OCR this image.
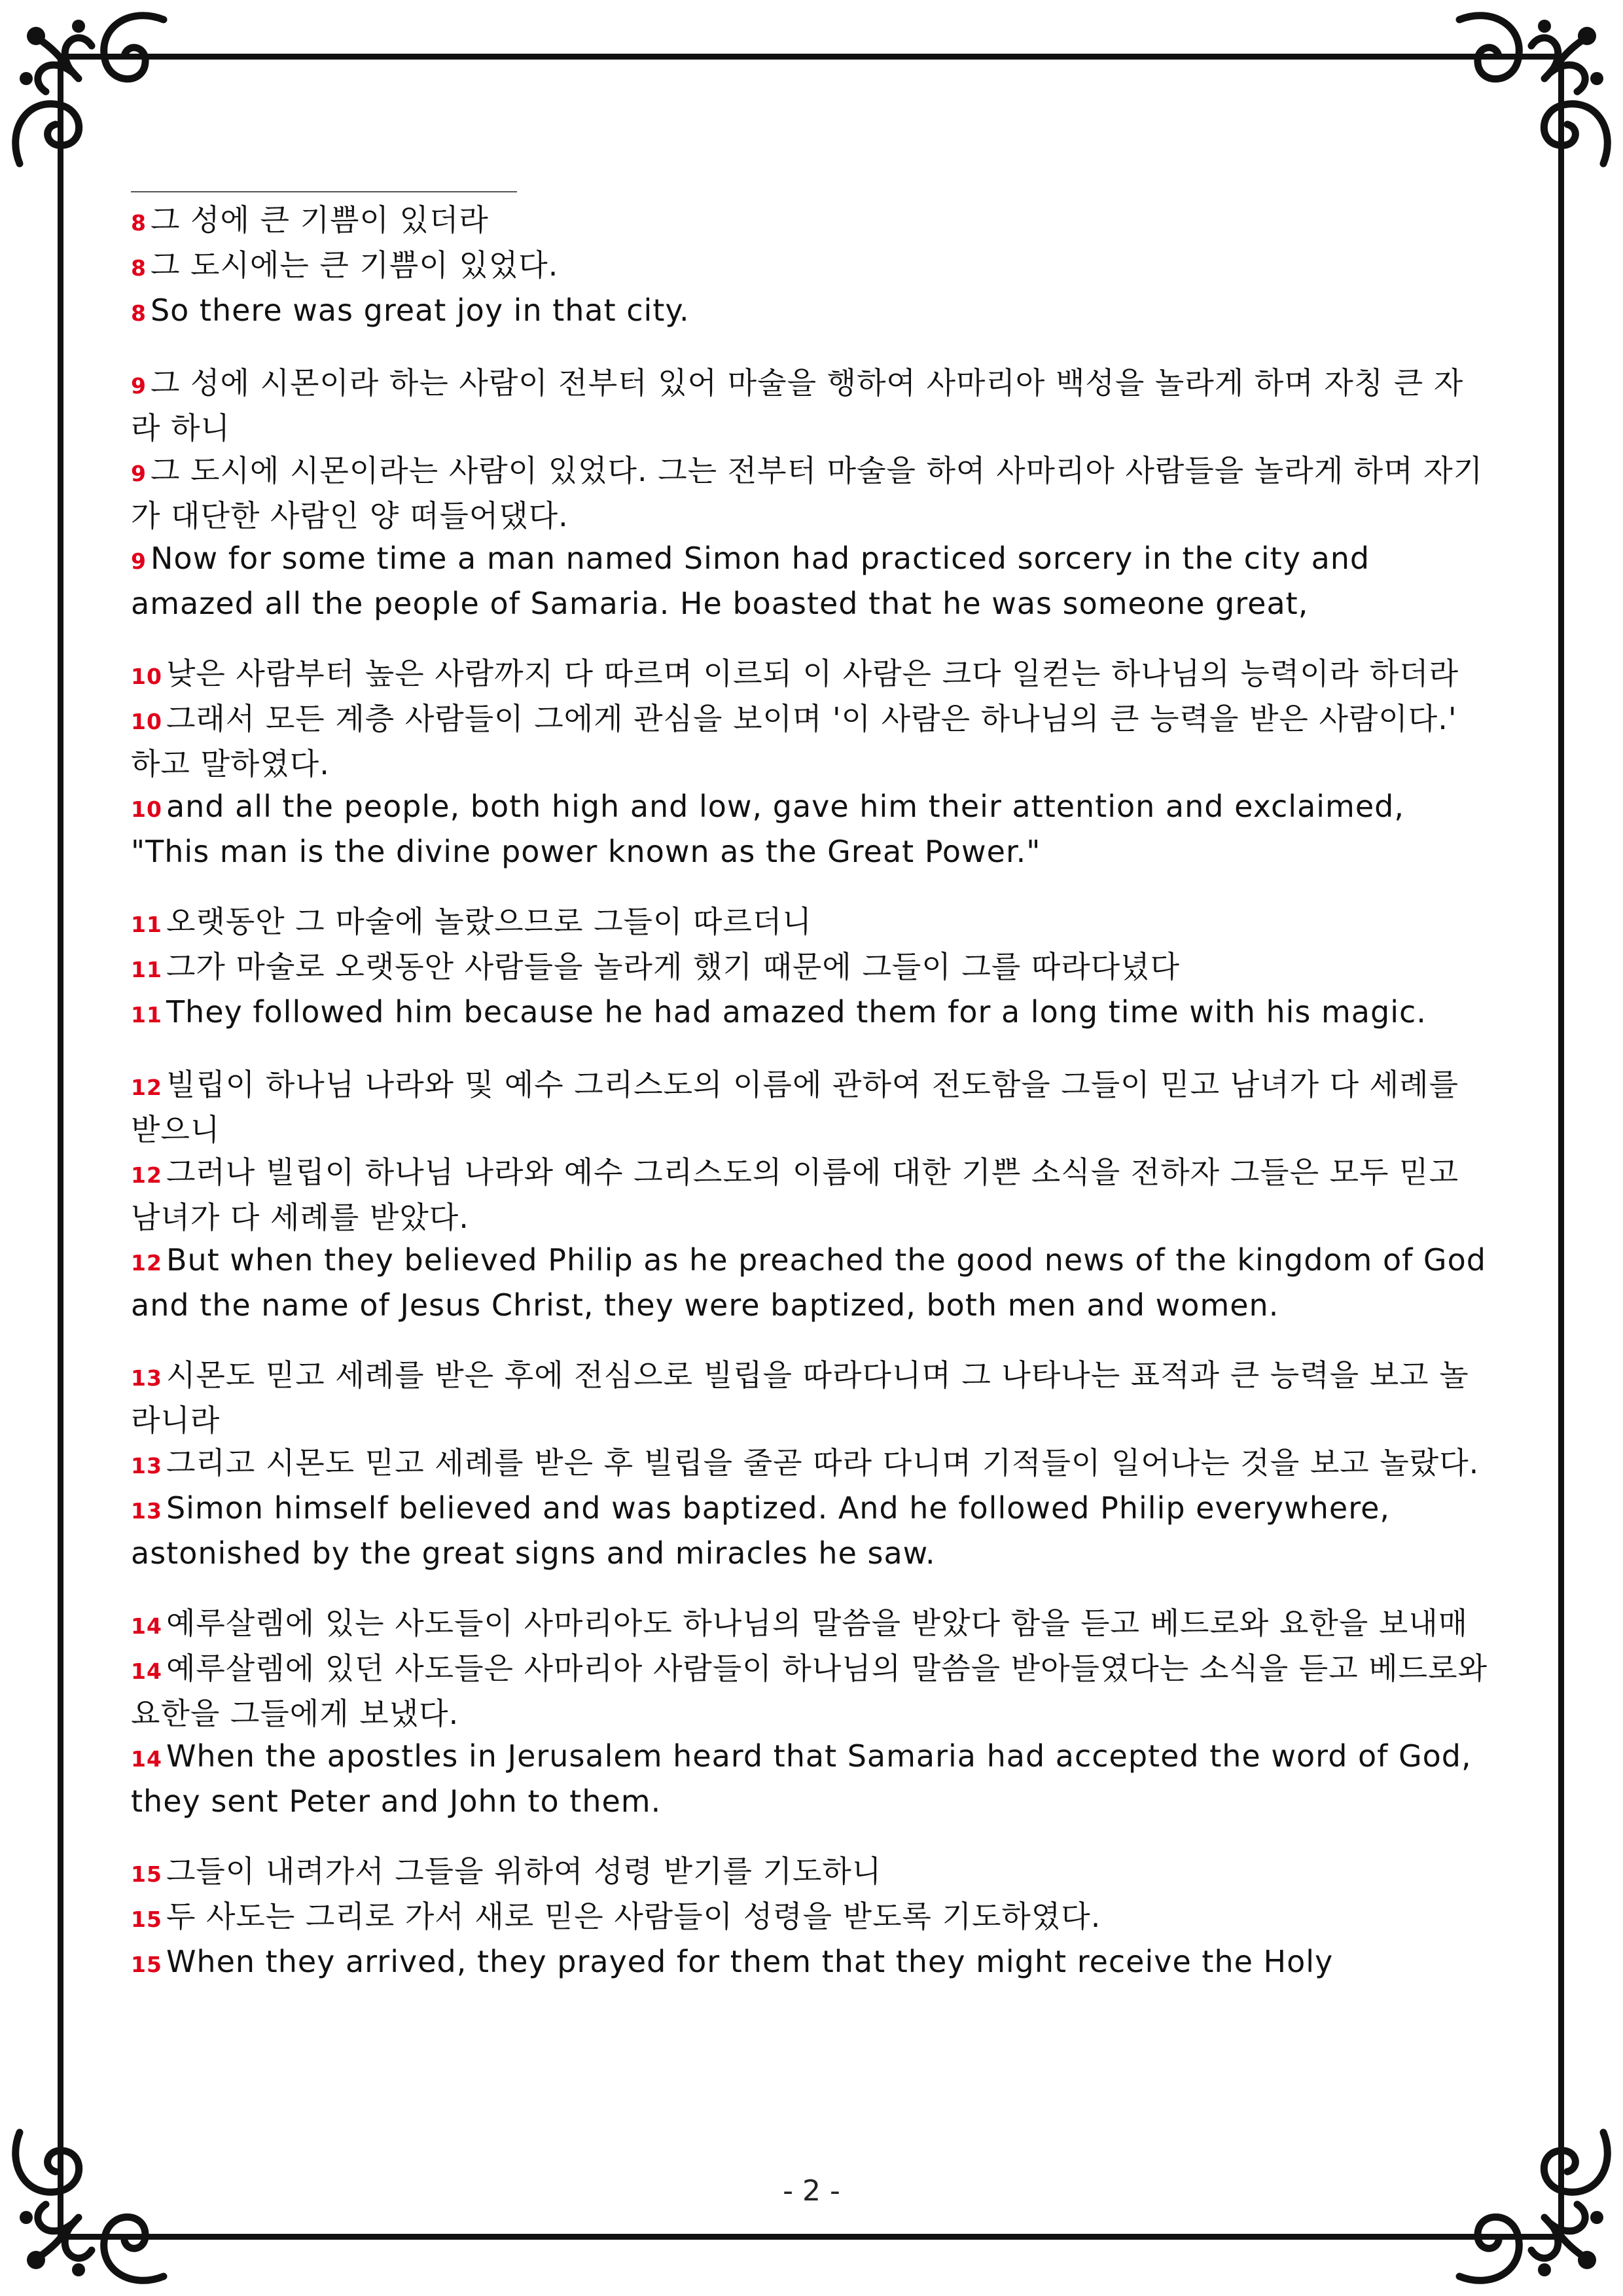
8 그 성에 큰 기쁨이 있더라

8 그 도시에는 큰 기쁨이 있었다.

8 So there was great joy in that city.

9 그 성에 시몬이라 하는 사람이 전부터 있어 마술을 행하여 사마리아 백성을 놀라게 하며 자칭 큰 자라 하니

9 그 도시에 시몬이라는 사람이 있었다. 그는 전부터 마술을 하여 사마리아 사람들을 놀라게 하며 자기가 대단한 사람인 양 떠들어댔다.

9 Now for some time a man named Simon had practiced sorcery in the city and amazed all the people of Samaria. He boasted that he was someone great,

10 낮은 사람부터 높은 사람까지 다 따르며 이르되 이 사람은 크다 일컫는 하나님의 능력이라 하더라

10 그래서 모든 계층 사람들이 그에게 관심을 보이며 '이 사람은 하나님의 큰 능력을 받은 사람이다.' 하고 말하였다.

10 and all the people, both high and low, gave him their attention and exclaimed, "This man is the divine power known as the Great Power."

11 오랫동안 그 마술에 놀랐으므로 그들이 따르더니

11 그가 마술로 오랫동안 사람들을 놀라게 했기 때문에 그들이 그를 따라다녔다

11 They followed him because he had amazed them for a long time with his magic.

12 빌립이 하나님 나라와 및 예수 그리스도의 이름에 관하여 전도함을 그들이 믿고 남녀가 다 세례를 받으니

12 그러나 빌립이 하나님 나라와 예수 그리스도의 이름에 대한 기쁜 소식을 전하자 그들은 모두 믿고 남녀가 다 세례를 받았다.

12 But when they believed Philip as he preached the good news of the kingdom of God and the name of Jesus Christ, they were baptized, both men and women.

13 시몬도 믿고 세례를 받은 후에 전심으로 빌립을 따라다니며 그 나타나는 표적과 큰 능력을 보고 놀라니라

13 그리고 시몬도 믿고 세례를 받은 후 빌립을 줄곧 따라 다니며 기적들이 일어나는 것을 보고 놀랐다.

13 Simon himself believed and was baptized. And he followed Philip everywhere, astonished by the great signs and miracles he saw.

14 예루살렘에 있는 사도들이 사마리아도 하나님의 말씀을 받았다 함을 듣고 베드로와 요한을 보내매

14 예루살렘에 있던 사도들은 사마리아 사람들이 하나님의 말씀을 받아들였다는 소식을 듣고 베드로와 요한을 그들에게 보냈다.

14 When the apostles in Jerusalem heard that Samaria had accepted the word of God, they sent Peter and John to them.

15 그들이 내려가서 그들을 위하여 성령 받기를 기도하니

15 두 사도는 그리로 가서 새로 믿은 사람들이 성령을 받도록 기도하였다.

15 When they arrived, they prayed for them that they might receive the Holy

- 2 -
